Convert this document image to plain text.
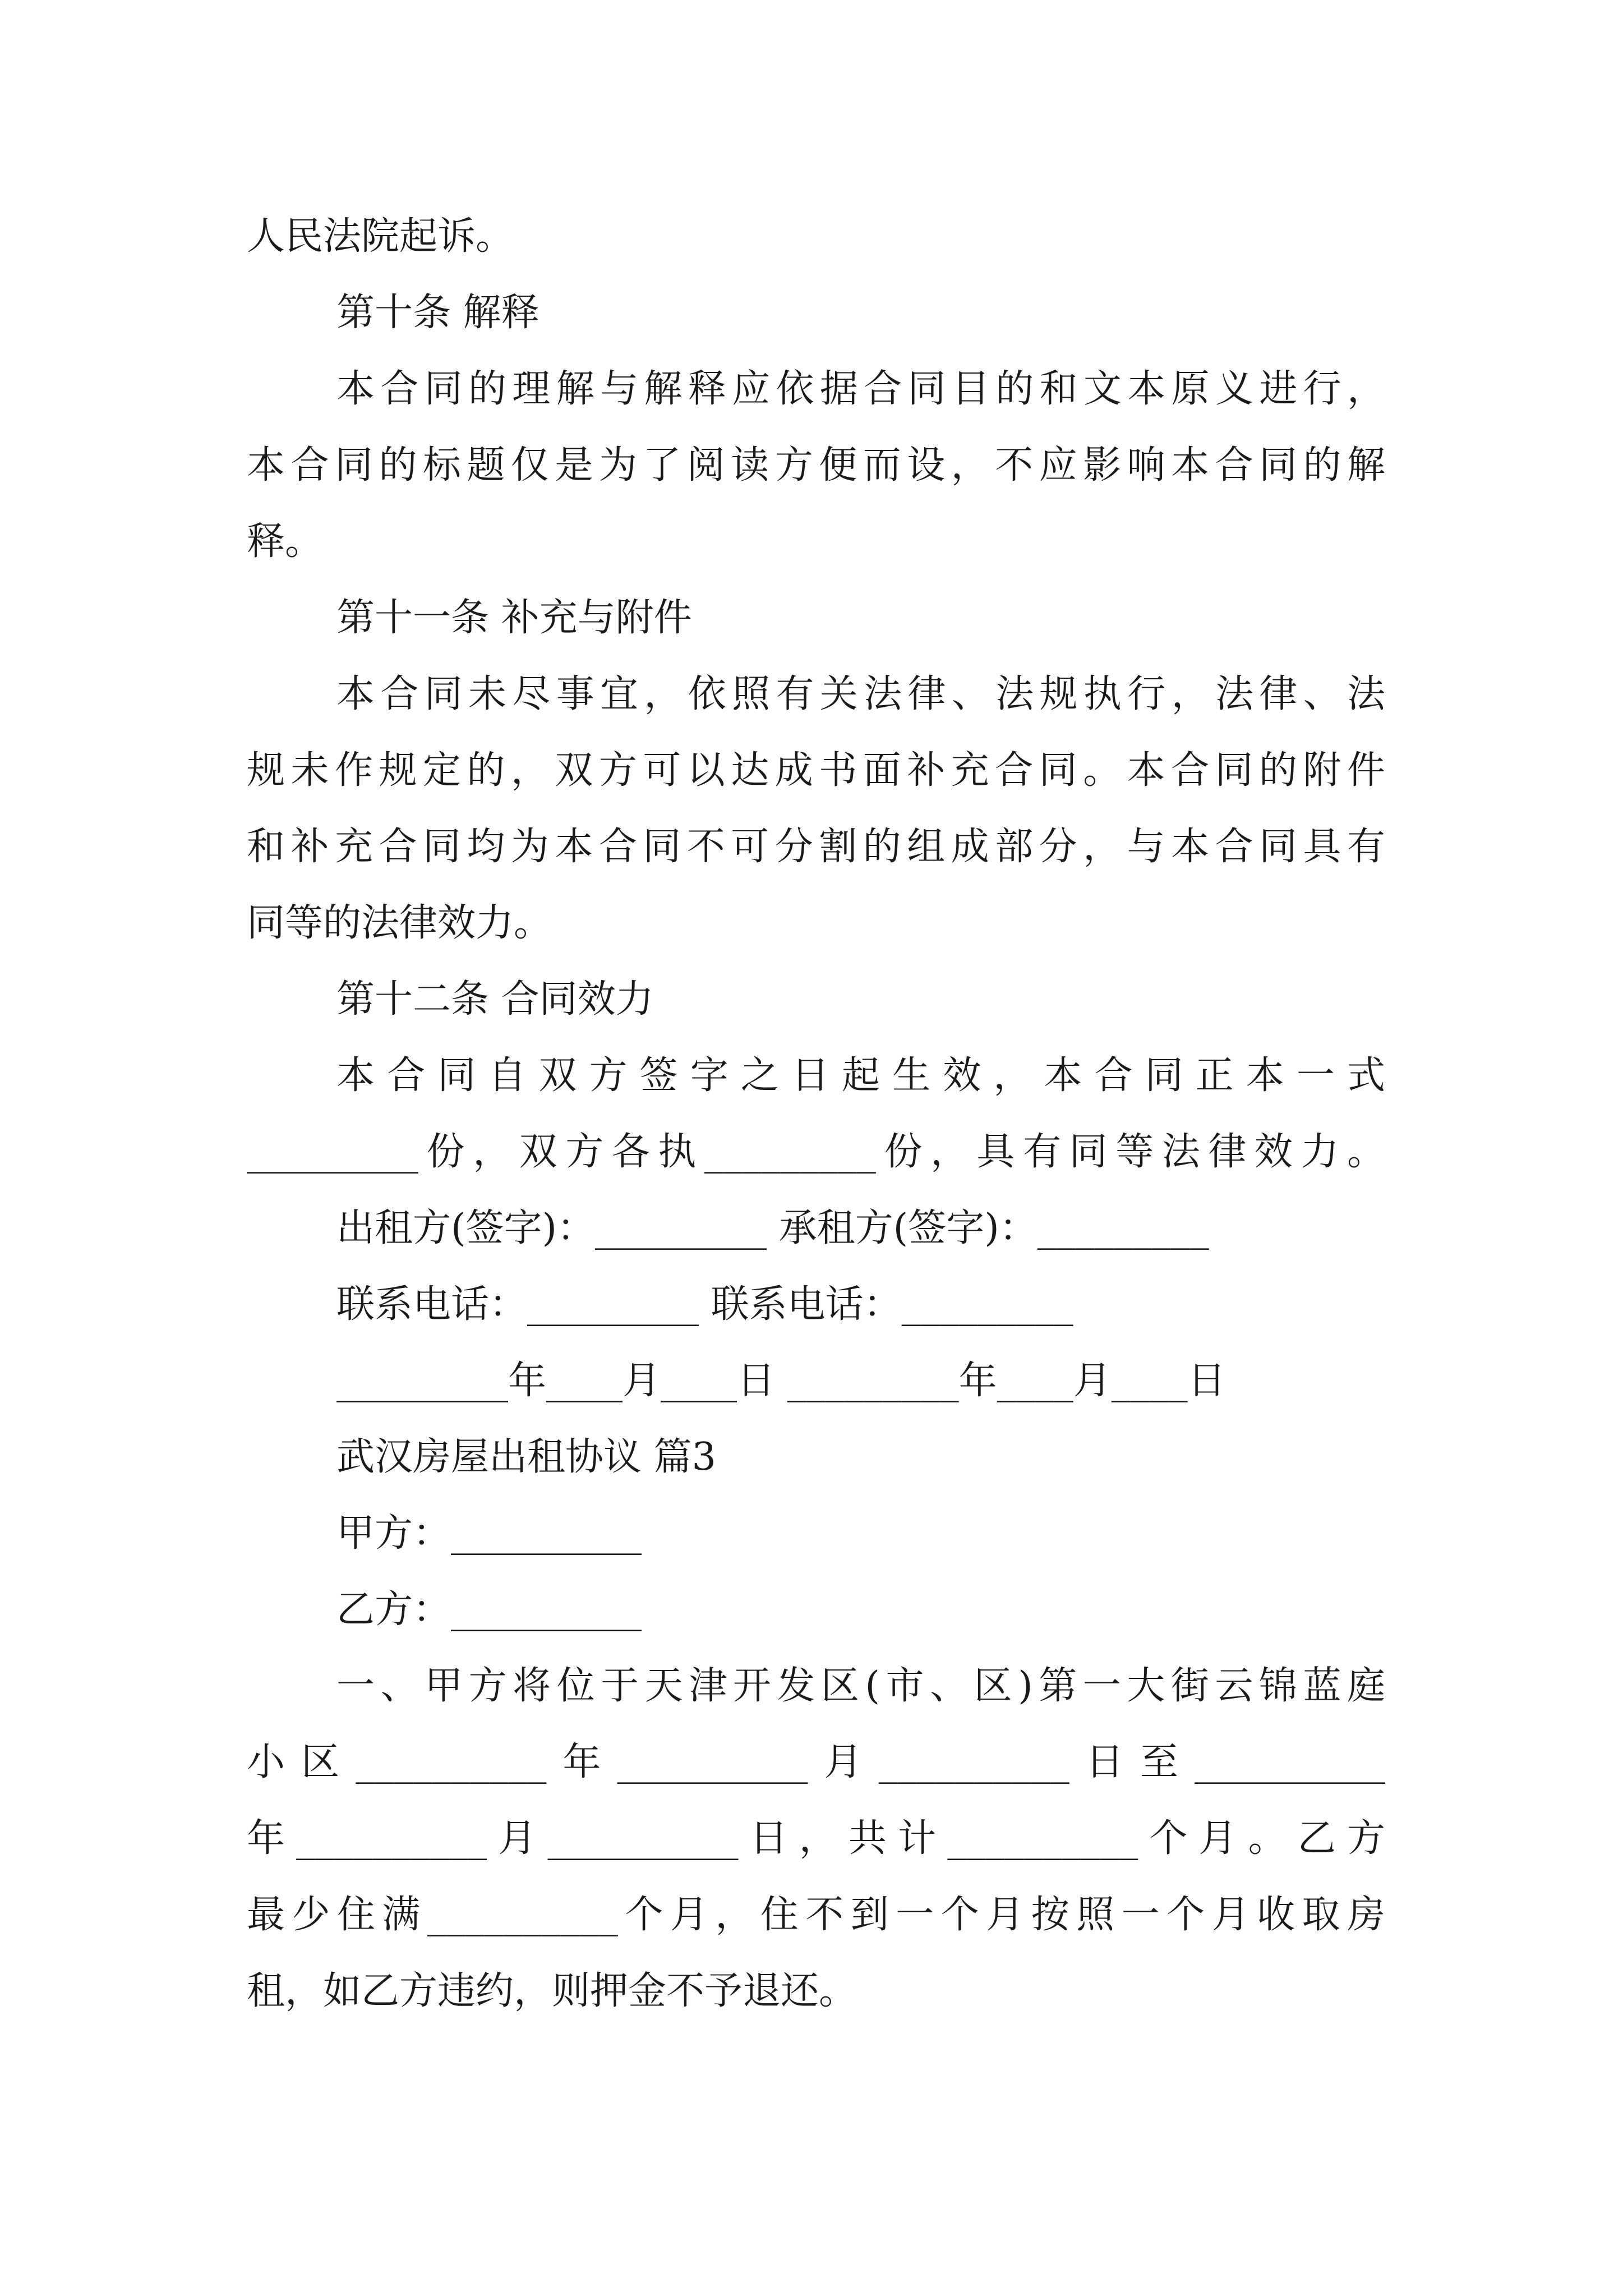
人民法院起诉。

第十条 解释

本合同的理解与解释应依据合同目的和文本原义进行，

本合同的标题仅是为了阅读方便而设，不应影响本合同的解

释。

第十一条 补充与附件

本合同未尽事宜，依照有关法律、法规执行，法律、法

规未作规定的，双方可以达成书面补充合同。本合同的附件

和补充合同均为本合同不可分割的组成部分，与本合同具有

同等的法律效力。

第十二条 合同效力

本合同自双方签字之日起生效，本合同正本一式

_________份，双方各执_________份，具有同等法律效力。

出租方(签字)：_________ 承租方(签字)：_________

联系电话：_________ 联系电话：_________

_________年____月____日 _________年____月____日

武汉房屋出租协议 篇3

甲方：__________

乙方：__________

一、甲方将位于天津开发区(市、区)第一大街云锦蓝庭

小区__________年__________月__________日至__________

年__________月__________日，共计__________个月。乙方

最少住满__________个月，住不到一个月按照一个月收取房

租，如乙方违约，则押金不予退还。
